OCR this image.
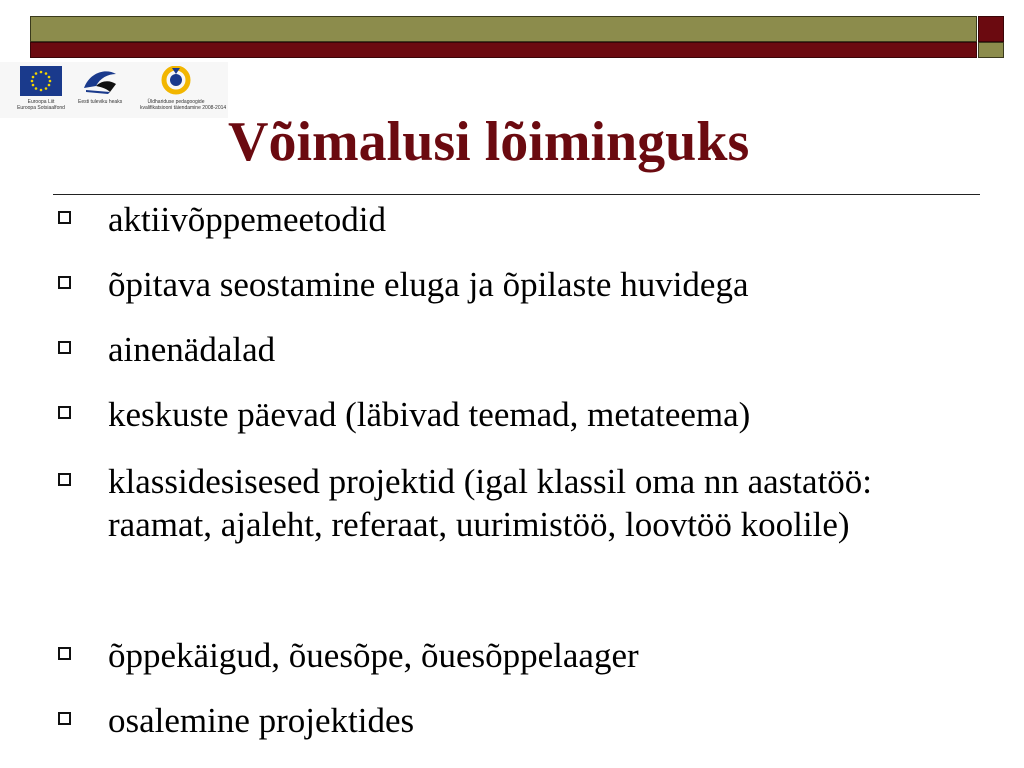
Euroopa Liit
Euroopa Sotsiaalfond
Eesti tuleviku heaks	Üldhariduse pedagoogide
kvalifikatsiooni täiendamine 2008-2014
Võimalusi lõiminguks
aktiivõppemeetodid
õpitava seostamine eluga ja õpilaste huvidega
ainenädalad
keskuste päevad (läbivad teemad, metateema)
klassidesisesed projektid (igal klassil oma nn aastatöö: raamat, ajaleht, referaat, uurimistöö, loovtöö koolile)
õppekäigud, õuesõpe, õuesõppelaager
osalemine projektides
